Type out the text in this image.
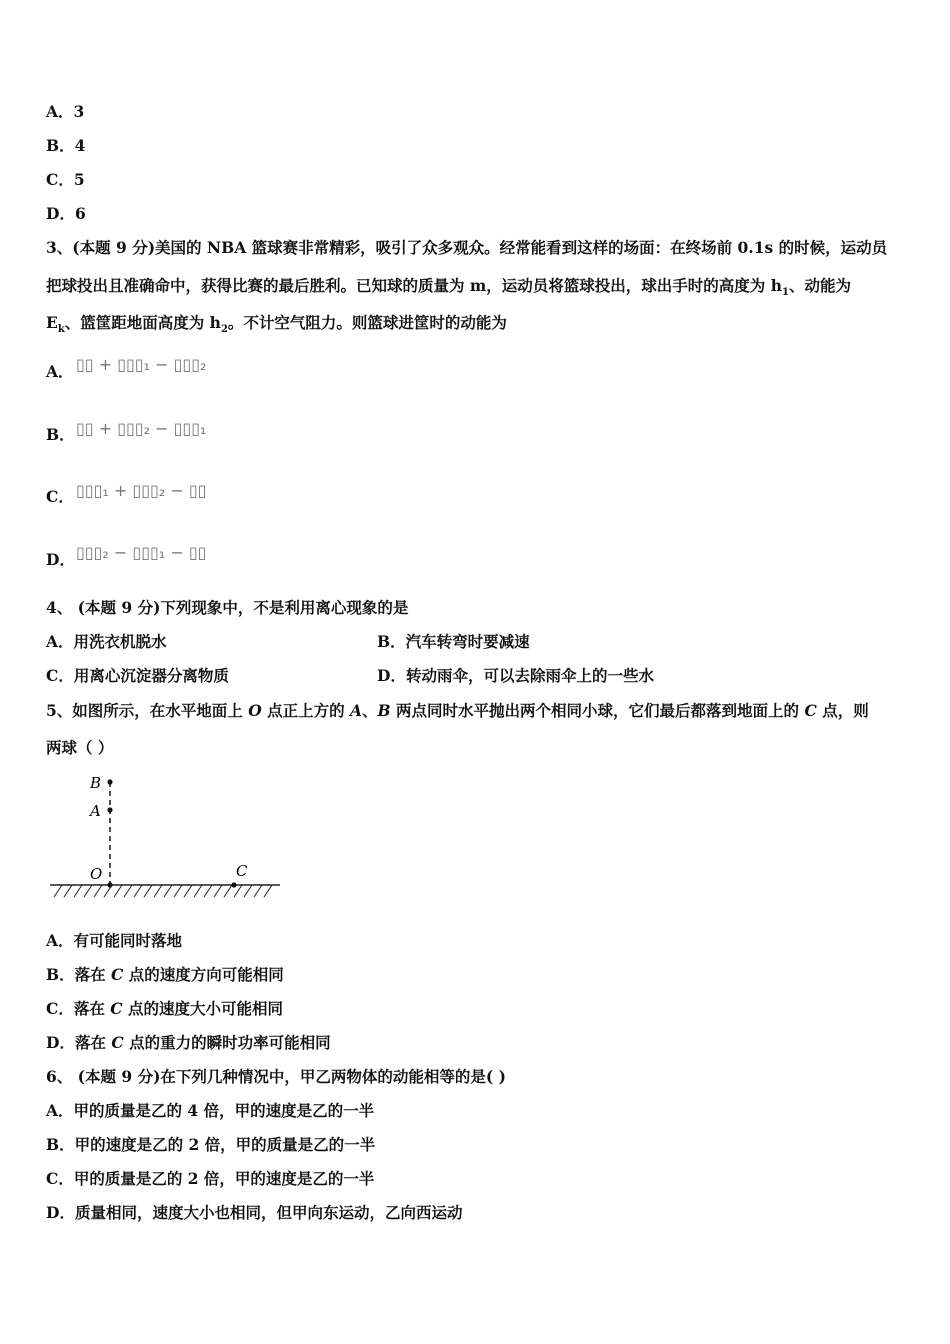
A．3
B．4
C．5
D．6
3、(本题 9 分)美国的 NBA 篮球赛非常精彩，吸引了众多观众。经常能看到这样的场面：在终场前 0.1s 的时候，运动员
把球投出且准确命中，获得比赛的最后胜利。已知球的质量为 m，运动员将篮球投出，球出手时的高度为 $h_1$、动能为
$E_k$、篮筐距地面高度为 $h_2$。不计空气阻力。则篮球进筐时的动能为
A． ▯▯ + ▯▯▯₁ − ▯▯▯₂
B． ▯▯ + ▯▯▯₂ − ▯▯▯₁
C． ▯▯▯₁ + ▯▯▯₂ − ▯▯
D． ▯▯▯₂ − ▯▯▯₁ − ▯▯
4、 (本题 9 分)下列现象中，不是利用离心现象的是
A．用洗衣机脱水	B．汽车转弯时要减速
C．用离心沉淀器分离物质	D．转动雨伞，可以去除雨伞上的一些水
5、如图所示，在水平地面上 O 点正上方的 A、B 两点同时水平抛出两个相同小球，它们最后都落到地面上的 C 点，则
两球（ ）
B
A
O	C
A．有可能同时落地
B．落在 C 点的速度方向可能相同
C．落在 C 点的速度大小可能相同
D．落在 C 点的重力的瞬时功率可能相同
6、 (本题 9 分)在下列几种情况中，甲乙两物体的动能相等的是( )
A．甲的质量是乙的 4 倍，甲的速度是乙的一半
B．甲的速度是乙的 2 倍，甲的质量是乙的一半
C．甲的质量是乙的 2 倍，甲的速度是乙的一半
D．质量相同，速度大小也相同，但甲向东运动，乙向西运动
